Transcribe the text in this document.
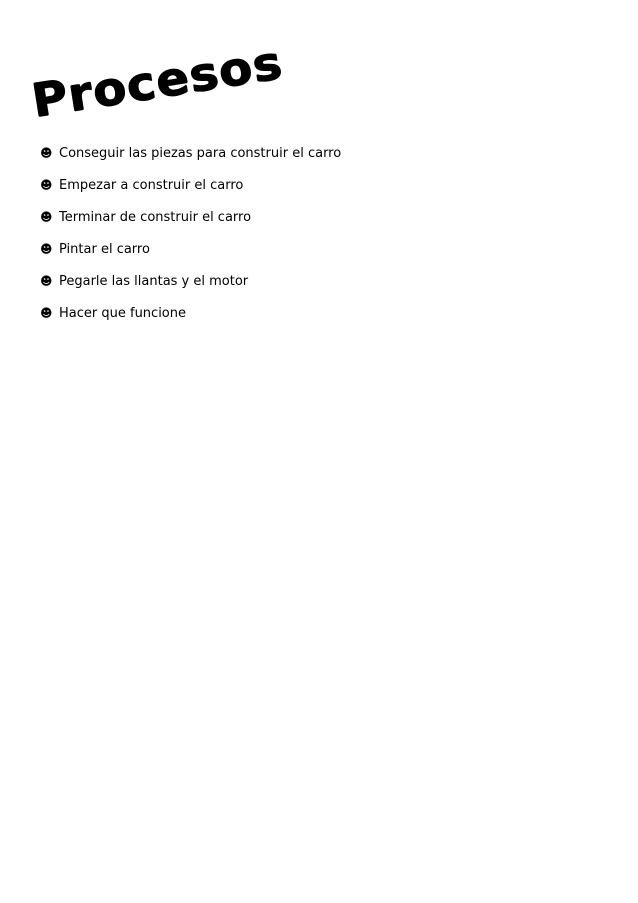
Procesos
☻ Conseguir las piezas para construir el carro
☻ Empezar a construir el carro
☻ Terminar de construir el carro
☻ Pintar el carro
☻ Pegarle las llantas y el motor
☻ Hacer que funcione
